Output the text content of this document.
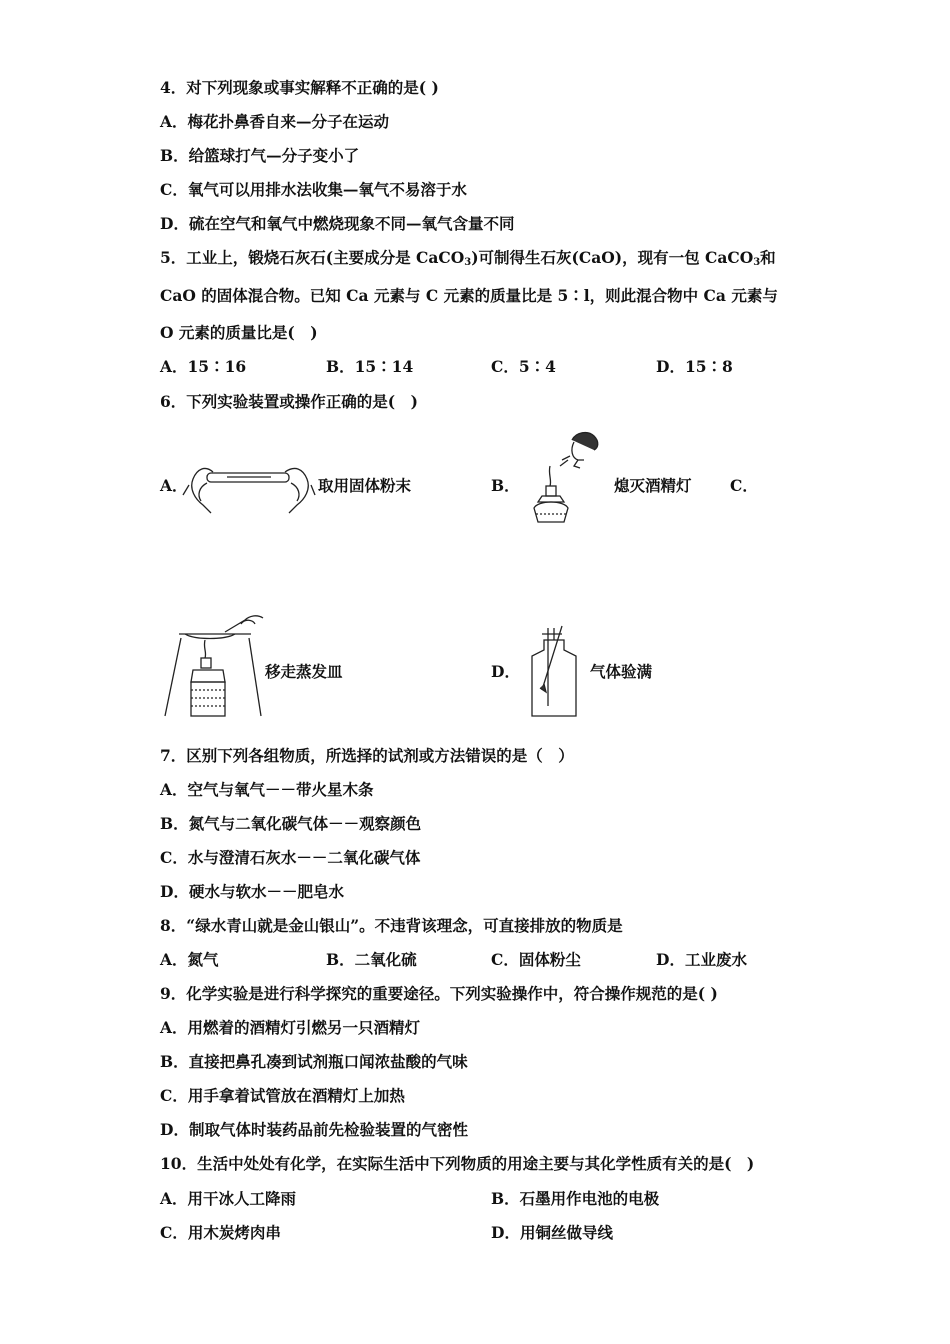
4．对下列现象或事实解释不正确的是( )
A．梅花扑鼻香自来—分子在运动
B．给篮球打气—分子变小了
C．氧气可以用排水法收集—氧气不易溶于水
D．硫在空气和氧气中燃烧现象不同—氧气含量不同
5．工业上，锻烧石灰石(主要成分是 CaCO$_3$)可制得生石灰(CaO)，现有一包 CaCO$_3$和
CaO 的固体混合物。已知 Ca 元素与 C 元素的质量比是 5∶l，则此混合物中 Ca 元素与
O 元素的质量比是(　)
A．15∶16	B．15∶14	C．5∶4	D．15∶8
6．下列实验装置或操作正确的是(　)
A．	取用固体粉末	B．	熄灭酒精灯 C．
移走蒸发皿	D．	气体验满
7．区别下列各组物质，所选择的试剂或方法错误的是（　）
A．空气与氧气－－带火星木条
B．氮气与二氧化碳气体－－观察颜色
C．水与澄清石灰水－－二氧化碳气体
D．硬水与软水－－肥皂水
8．“绿水青山就是金山银山”。不违背该理念，可直接排放的物质是
A．氮气	B．二氧化硫	C．固体粉尘	D．工业废水
9．化学实验是进行科学探究的重要途径。下列实验操作中，符合操作规范的是( )
A．用燃着的酒精灯引燃另一只酒精灯
B．直接把鼻孔凑到试剂瓶口闻浓盐酸的气味
C．用手拿着试管放在酒精灯上加热
D．制取气体时装药品前先检验装置的气密性
10．生活中处处有化学，在实际生活中下列物质的用途主要与其化学性质有关的是(　)
A．用干冰人工降雨	B．石墨用作电池的电极
C．用木炭烤肉串	D．用铜丝做导线
